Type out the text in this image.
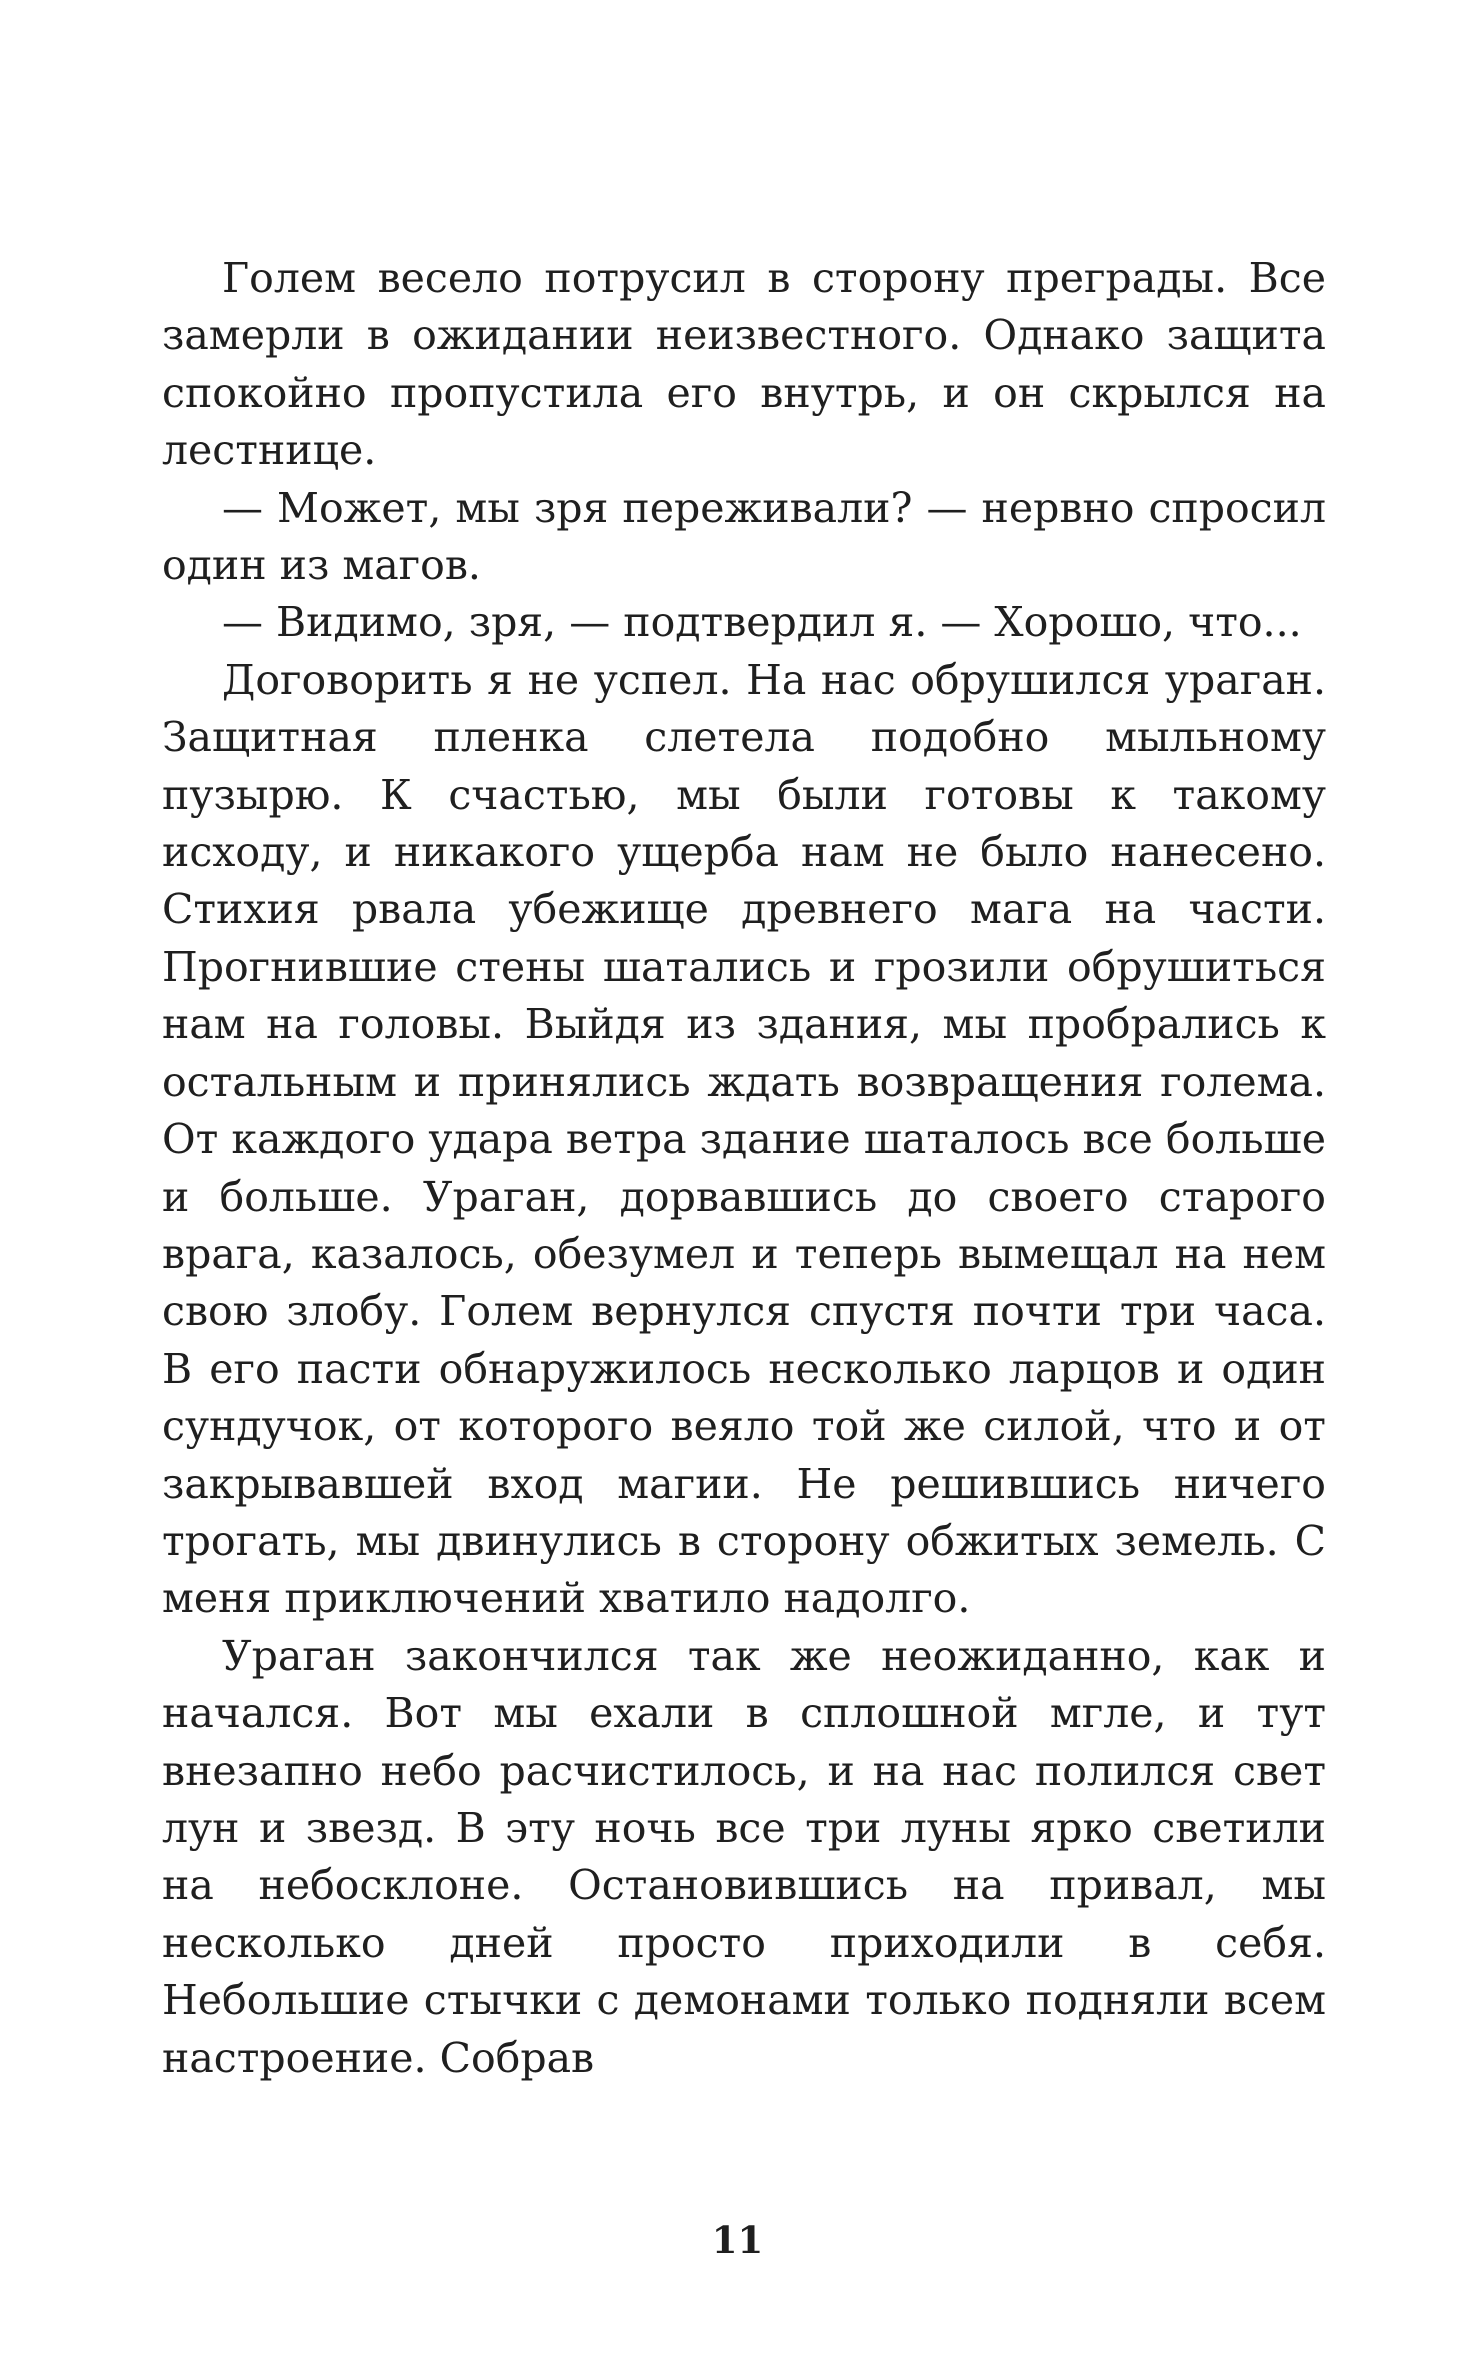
Голем весело потрусил в сторону преграды. Все замерли в ожидании неизвестного. Однако защита спокойно пропустила его внутрь, и он скрылся на лестнице.

— Может, мы зря переживали? — нервно спросил один из магов.

— Видимо, зря, — подтвердил я. — Хорошо, что...

Договорить я не успел. На нас обрушился ураган. Защитная пленка слетела подобно мыльному пузырю. К счастью, мы были готовы к такому исходу, и никакого ущерба нам не было нанесено. Стихия рвала убежище древнего мага на части. Прогнившие стены шатались и грозили обрушиться нам на головы. Выйдя из здания, мы пробрались к остальным и принялись ждать возвращения голема. От каждого удара ветра здание шаталось все больше и больше. Ураган, дорвавшись до своего старого врага, казалось, обезумел и теперь вымещал на нем свою злобу. Голем вернулся спустя почти три часа. В его пасти обнаружилось несколько ларцов и один сундучок, от которого веяло той же силой, что и от закрывавшей вход магии. Не решившись ничего трогать, мы двинулись в сторону обжитых земель. С меня приключений хватило надолго.

Ураган закончился так же неожиданно, как и начался. Вот мы ехали в сплошной мгле, и тут внезапно небо расчистилось, и на нас полился свет лун и звезд. В эту ночь все три луны ярко светили на небосклоне. Остановившись на привал, мы несколько дней просто приходили в себя. Небольшие стычки с демонами только подняли всем настроение. Собрав

11
